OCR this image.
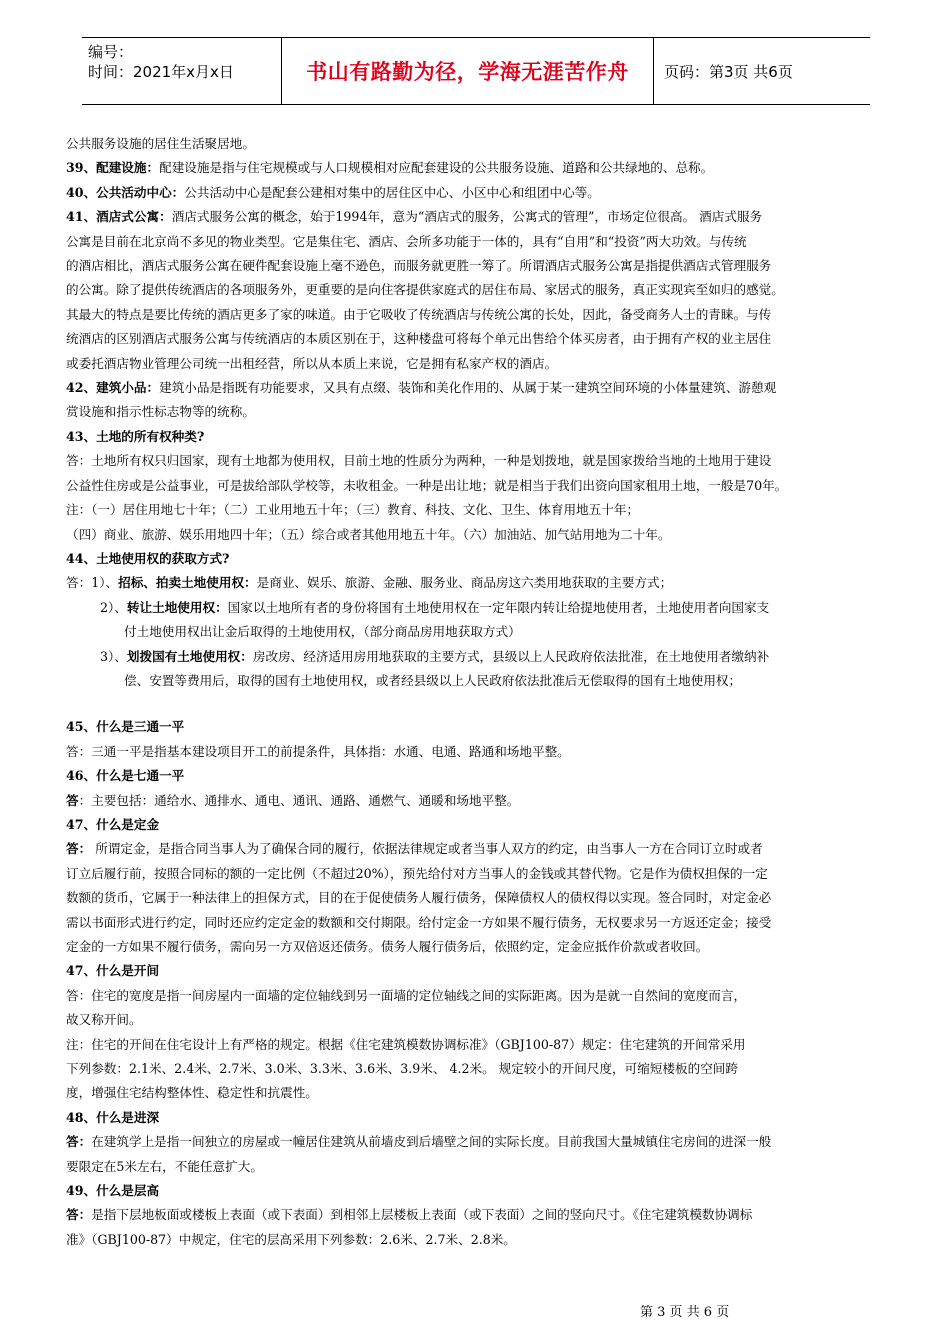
编号：
时间：2021年x月x日	书山有路勤为径，学海无涯苦作舟	页码：第3页 共6页

公共服务设施的居住生活聚居地。

39、配建设施：配建设施是指与住宅规模或与人口规模相对应配套建设的公共服务设施、道路和公共绿地的、总称。

40、公共活动中心：公共活动中心是配套公建相对集中的居住区中心、小区中心和组团中心等。

41、酒店式公寓：酒店式服务公寓的概念，始于1994年，意为“酒店式的服务，公寓式的管理”，市场定位很高。 酒店式服务

公寓是目前在北京尚不多见的物业类型。它是集住宅、酒店、会所多功能于一体的，具有“自用”和“投资”两大功效。与传统

的酒店相比，酒店式服务公寓在硬件配套设施上毫不逊色，而服务就更胜一筹了。所谓酒店式服务公寓是指提供酒店式管理服务

的公寓。除了提供传统酒店的各项服务外，更重要的是向住客提供家庭式的居住布局、家居式的服务，真正实现宾至如归的感觉。

其最大的特点是要比传统的酒店更多了家的味道。由于它吸收了传统酒店与传统公寓的长处，因此，备受商务人士的青睐。与传

统酒店的区别酒店式服务公寓与传统酒店的本质区别在于，这种楼盘可将每个单元出售给个体买房者，由于拥有产权的业主居住

或委托酒店物业管理公司统一出租经营，所以从本质上来说，它是拥有私家产权的酒店。

42、建筑小品：建筑小品是指既有功能要求，又具有点缀、装饰和美化作用的、从属于某一建筑空间环境的小体量建筑、游憩观

赏设施和指示性标志物等的统称。

43、土地的所有权种类?

答：土地所有权只归国家，现有土地都为使用权，目前土地的性质分为两种，一种是划拨地，就是国家拨给当地的土地用于建设

公益性住房或是公益事业，可是拔给部队学校等，未收租金。一种是出让地；就是相当于我们出资向国家租用土地，一般是70年。

注：（一）居住用地七十年；（二）工业用地五十年；（三）教育、科技、文化、卫生、体育用地五十年；

（四）商业、旅游、娱乐用地四十年；（五）综合或者其他用地五十年。（六）加油站、加气站用地为二十年。

44、土地使用权的获取方式?

答：1）、招标、拍卖土地使用权：是商业、娱乐、旅游、金融、服务业、商品房这六类用地获取的主要方式；

2）、转让土地使用权：国家以土地所有者的身份将国有土地使用权在一定年限内转让给提地使用者，土地使用者向国家支

付土地使用权出让金后取得的土地使用权，（部分商品房用地获取方式）

3）、划拨国有土地使用权：房改房、经济适用房用地获取的主要方式，县级以上人民政府依法批准，在土地使用者缴纳补

偿、安置等费用后，取得的国有土地使用权，或者经县级以上人民政府依法批准后无偿取得的国有土地使用权；

45、什么是三通一平

答：三通一平是指基本建设项目开工的前提条件，具体指：水通、电通、路通和场地平整。

46、什么是七通一平

答：主要包括：通给水、通排水、通电、通讯、通路、通燃气、通暖和场地平整。

47、什么是定金

答： 所谓定金，是指合同当事人为了确保合同的履行，依据法律规定或者当事人双方的约定，由当事人一方在合同订立时或者

订立后履行前，按照合同标的额的一定比例（不超过20%），预先给付对方当事人的金钱或其替代物。它是作为债权担保的一定

数额的货币，它属于一种法律上的担保方式，目的在于促使债务人履行债务，保障债权人的债权得以实现。签合同时，对定金必

需以书面形式进行约定，同时还应约定定金的数额和交付期限。给付定金一方如果不履行债务，无权要求另一方返还定金；接受

定金的一方如果不履行债务，需向另一方双倍返还债务。债务人履行债务后，依照约定，定金应抵作价款或者收回。

47、什么是开间

答：住宅的宽度是指一间房屋内一面墙的定位轴线到另一面墙的定位轴线之间的实际距离。因为是就一自然间的宽度而言，

故又称开间。

注：住宅的开间在住宅设计上有严格的规定。根据《住宅建筑模数协调标准》（GBJ100-87）规定：住宅建筑的开间常采用

下列参数：2.1米、2.4米、2.7米、3.0米、3.3米、3.6米、3.9米、 4.2米。 规定较小的开间尺度，可缩短楼板的空间跨

度，增强住宅结构整体性、稳定性和抗震性。

48、什么是进深

答：在建筑学上是指一间独立的房屋或一幢居住建筑从前墙皮到后墙壁之间的实际长度。目前我国大量城镇住宅房间的进深一般

要限定在5米左右，不能任意扩大。

49、什么是层高

答：是指下层地板面或楼板上表面（或下表面）到相邻上层楼板上表面（或下表面）之间的竖向尺寸。《住宅建筑模数协调标

准》（GBJ100-87）中规定，住宅的层高采用下列参数：2.6米、2.7米、2.8米。

第 3 页 共 6 页
